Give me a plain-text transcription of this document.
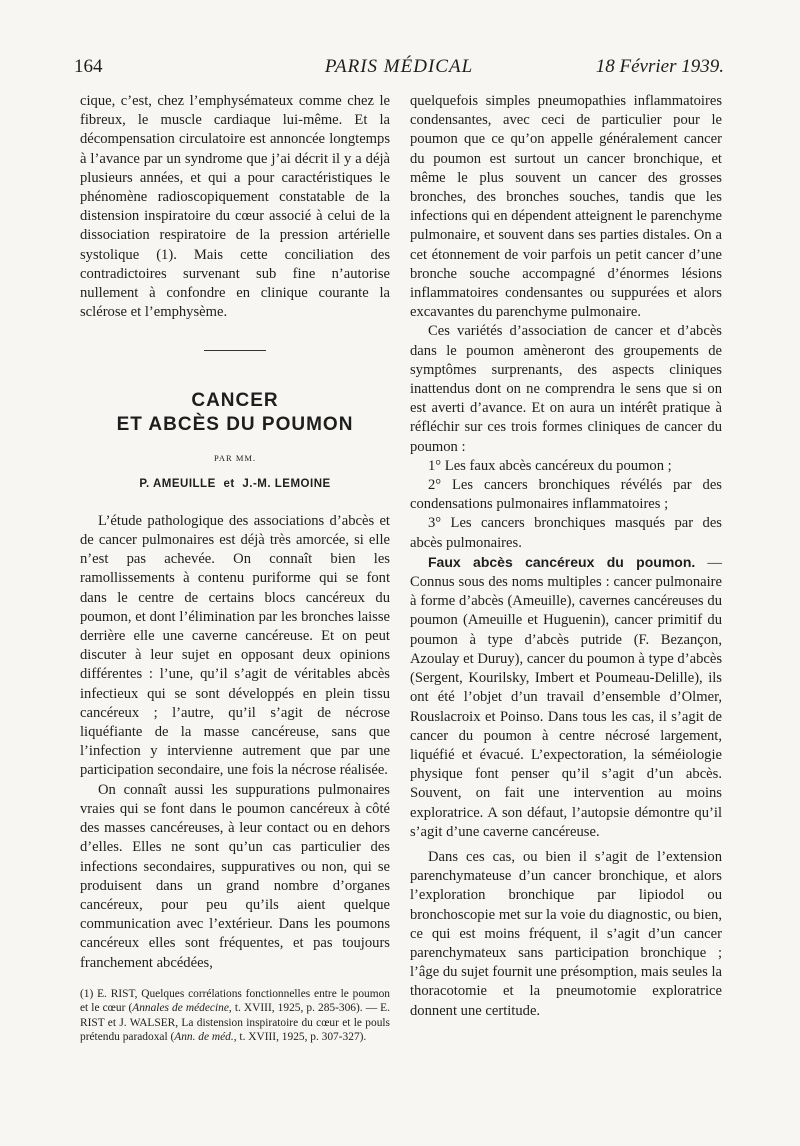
164	PARIS MÉDICAL	18 Février 1939.

cique, c’est, chez l’emphysémateux comme chez le fibreux, le muscle cardiaque lui-même. Et la décompensation circulatoire est annoncée longtemps à l’avance par un syndrome que j’ai décrit il y a déjà plusieurs années, et qui a pour caractéristiques le phénomène radioscopiquement constatable de la distension inspiratoire du cœur associé à celui de la dissociation respiratoire de la pression artérielle systolique (1). Mais cette conciliation des contradictoires survenant sub fine n’autorise nullement à confondre en clinique courante la sclérose et l’emphysème.

CANCER
ET ABCÈS DU POUMON
PAR MM.
P. AMEUILLE et J.-M. LEMOINE

L’étude pathologique des associations d’abcès et de cancer pulmonaires est déjà très amorcée, si elle n’est pas achevée. On connaît bien les ramollissements à contenu puriforme qui se font dans le centre de certains blocs cancéreux du poumon, et dont l’élimination par les bronches laisse derrière elle une caverne cancéreuse. Et on peut discuter à leur sujet en opposant deux opinions différentes : l’une, qu’il s’agit de véritables abcès infectieux qui se sont développés en plein tissu cancéreux ; l’autre, qu’il s’agit de nécrose liquéfiante de la masse cancéreuse, sans que l’infection y intervienne autrement que par une participation secondaire, une fois la nécrose réalisée.

On connaît aussi les suppurations pulmonaires vraies qui se font dans le poumon cancéreux à côté des masses cancéreuses, à leur contact ou en dehors d’elles. Elles ne sont qu’un cas particulier des infections secondaires, suppuratives ou non, qui se produisent dans un grand nombre d’organes cancéreux, pour peu qu’ils aient quelque communication avec l’extérieur. Dans les poumons cancéreux elles sont fréquentes, et pas toujours franchement abcédées,

(1) E. RIST, Quelques corrélations fonctionnelles entre le poumon et le cœur (Annales de médecine, t. XVIII, 1925, p. 285-306). — E. RIST et J. WALSER, La distension inspiratoire du cœur et le pouls prétendu paradoxal (Ann. de méd., t. XVIII, 1925, p. 307-327).

quelquefois simples pneumopathies inflammatoires condensantes, avec ceci de particulier pour le poumon que ce qu’on appelle généralement cancer du poumon est surtout un cancer bronchique, et même le plus souvent un cancer des grosses bronches, des bronches souches, tandis que les infections qui en dépendent atteignent le parenchyme pulmonaire, et souvent dans ses parties distales. On a cet étonnement de voir parfois un petit cancer d’une bronche souche accompagné d’énormes lésions inflammatoires condensantes ou suppurées et alors excavantes du parenchyme pulmonaire.

Ces variétés d’association de cancer et d’abcès dans le poumon amèneront des groupements de symptômes surprenants, des aspects cliniques inattendus dont on ne comprendra le sens que si on est averti d’avance. Et on aura un intérêt pratique à réfléchir sur ces trois formes cliniques de cancer du poumon :

1° Les faux abcès cancéreux du poumon ;

2° Les cancers bronchiques révélés par des condensations pulmonaires inflammatoires ;

3° Les cancers bronchiques masqués par des abcès pulmonaires.

Faux abcès cancéreux du poumon. — Connus sous des noms multiples : cancer pulmonaire à forme d’abcès (Ameuille), cavernes cancéreuses du poumon (Ameuille et Huguenin), cancer primitif du poumon à type d’abcès putride (F. Bezançon, Azoulay et Duruy), cancer du poumon à type d’abcès (Sergent, Kourilsky, Imbert et Poumeau-Delille), ils ont été l’objet d’un travail d’ensemble d’Olmer, Rouslacroix et Poinso. Dans tous les cas, il s’agit de cancer du poumon à centre nécrosé largement, liquéfié et évacué. L’expectoration, la séméiologie physique font penser qu’il s’agit d’un abcès. Souvent, on fait une intervention au moins exploratrice. A son défaut, l’autopsie démontre qu’il s’agit d’une caverne cancéreuse.

Dans ces cas, ou bien il s’agit de l’extension parenchymateuse d’un cancer bronchique, et alors l’exploration bronchique par lipiodol ou bronchoscopie met sur la voie du diagnostic, ou bien, ce qui est moins fréquent, il s’agit d’un cancer parenchymateux sans participation bronchique ; l’âge du sujet fournit une présomption, mais seules la thoracotomie et la pneumotomie exploratrice donnent une certitude.
